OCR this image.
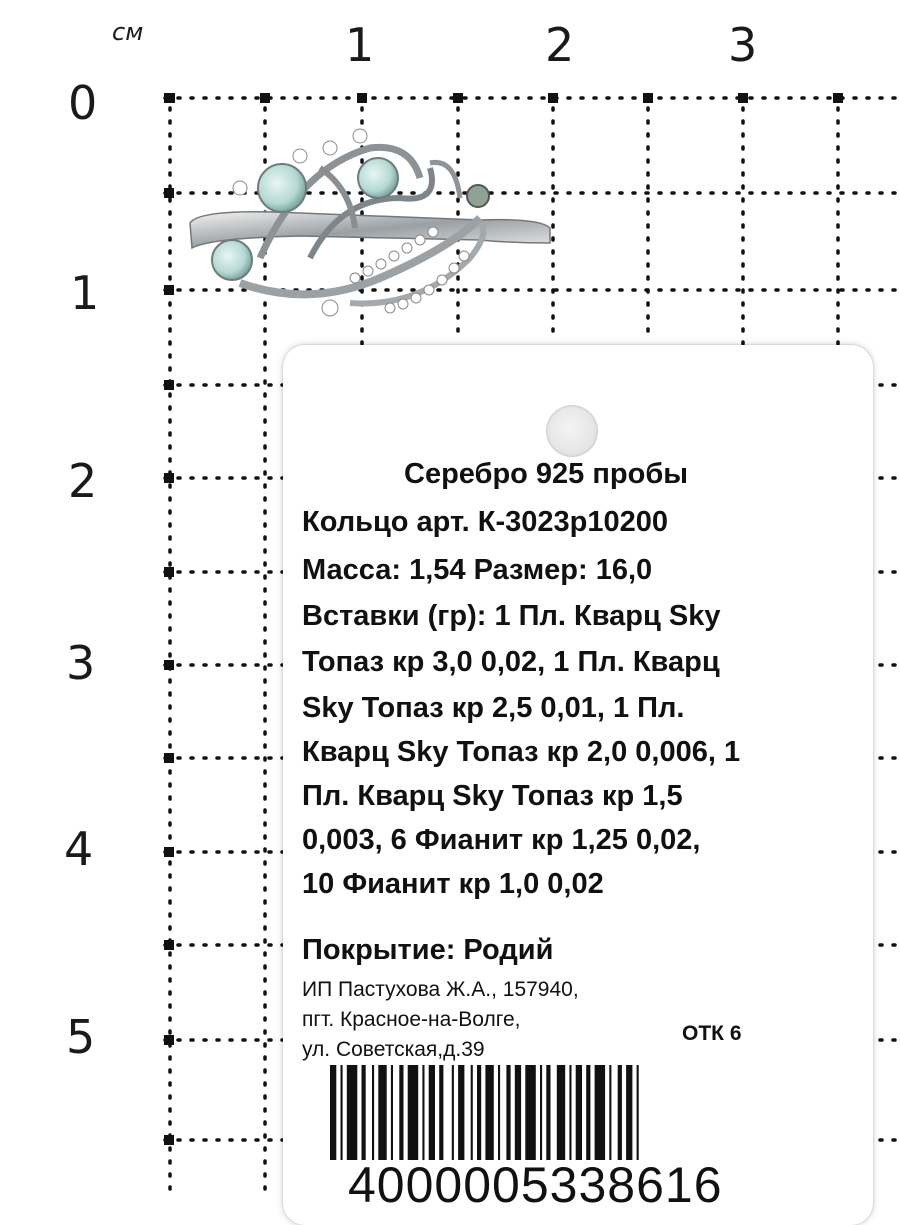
см	1	2	3
0
1
2
3
4
5
Серебро 925 пробы
Кольцо арт. К-3023р10200
Масса: 1,54 Размер: 16,0
Вставки (гр): 1 Пл. Кварц Sky
Топаз кр 3,0 0,02, 1 Пл. Кварц
Sky Топаз кр 2,5 0,01, 1 Пл.
Кварц Sky Топаз кр 2,0 0,006, 1
Пл. Кварц Sky Топаз кр 1,5
0,003, 6 Фианит кр 1,25 0,02,
10 Фианит кр 1,0 0,02
Покрытие: Родий
ИП Пастухова Ж.А., 157940,
пгт. Красное-на-Волге,
ул. Советская,д.39
ОТК 6
4000005338616
